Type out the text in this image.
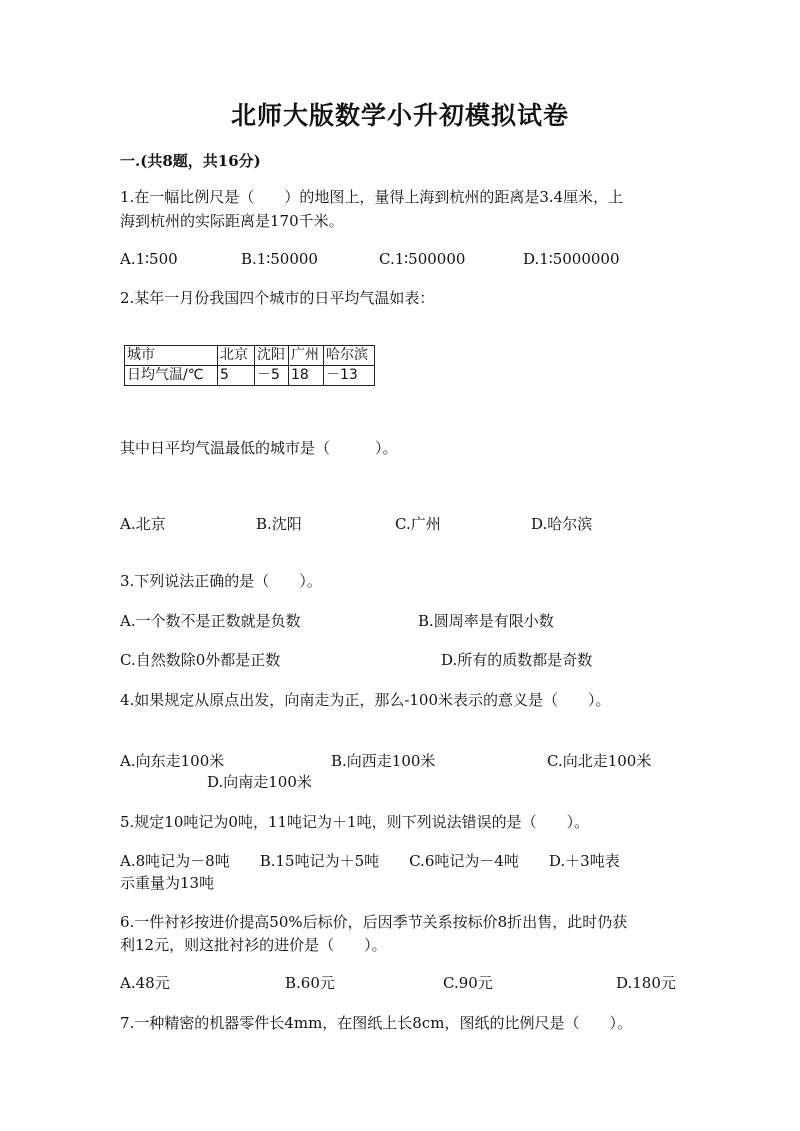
北师大版数学小升初模拟试卷
一.(共8题，共16分)
1.在一幅比例尺是（　　）的地图上，量得上海到杭州的距离是3.4厘米，上
海到杭州的实际距离是170千米。
A.1∶500	B.1∶50000	C.1∶500000	D.1∶5000000
2.某年一月份我国四个城市的日平均气温如表：
城市	北京	沈阳	广州	哈尔滨
日均气温/℃	5	－5	18	－13
其中日平均气温最低的城市是（　　　）。
A.北京	B.沈阳	C.广州	D.哈尔滨
3.下列说法正确的是（　　）。
A.一个数不是正数就是负数	B.圆周率是有限小数
C.自然数除0外都是正数	D.所有的质数都是奇数
4.如果规定从原点出发，向南走为正，那么-100米表示的意义是（　　）。
A.向东走100米	B.向西走100米	C.向北走100米
D.向南走100米
5.规定10吨记为0吨，11吨记为＋1吨，则下列说法错误的是（　　）。
A.8吨记为－8吨　　B.15吨记为＋5吨　　C.6吨记为－4吨　　D.＋3吨表
示重量为13吨
6.一件衬衫按进价提高50%后标价，后因季节关系按标价8折出售，此时仍获
利12元，则这批衬衫的进价是（　　）。
A.48元	B.60元	C.90元	D.180元
7.一种精密的机器零件长4mm，在图纸上长8cm，图纸的比例尺是（　　）。
